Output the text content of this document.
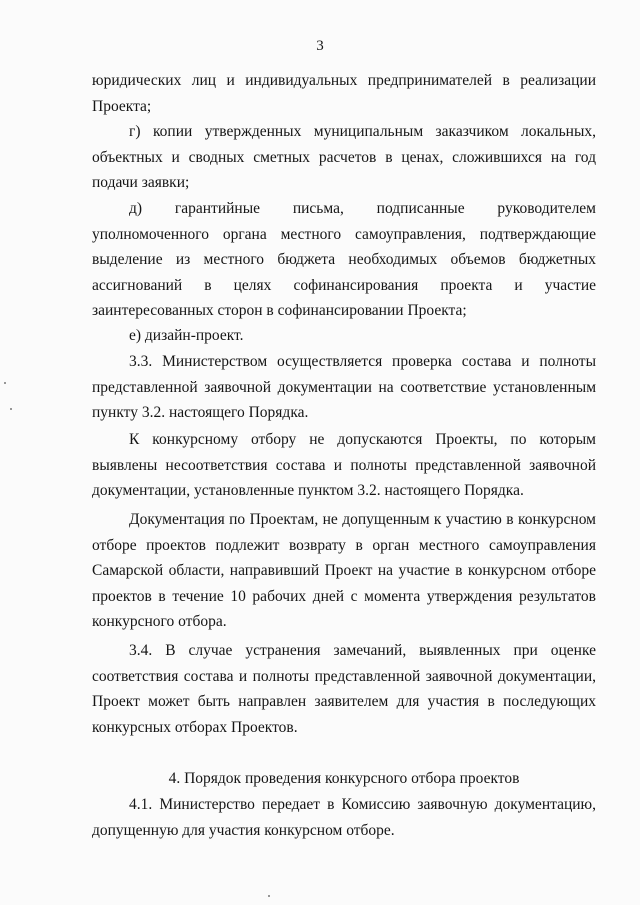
3
юридических лиц и индивидуальных предпринимателей в реализации Проекта;
г) копии утвержденных муниципальным заказчиком локальных, объектных и сводных сметных расчетов в ценах, сложившихся на год подачи заявки;
д) гарантийные письма, подписанные руководителем уполномоченного органа местного самоуправления, подтверждающие выделение из местного бюджета необходимых объемов бюджетных ассигнований в целях софинансирования проекта и участие заинтересованных сторон в софинансировании Проекта;
е) дизайн-проект.
3.3. Министерством осуществляется проверка состава и полноты представленной заявочной документации на соответствие установленным пункту 3.2. настоящего Порядка.
К конкурсному отбору не допускаются Проекты, по которым выявлены несоответствия состава и полноты представленной заявочной документации, установленные пунктом 3.2. настоящего Порядка.
Документация по Проектам, не допущенным к участию в конкурсном отборе проектов подлежит возврату в орган местного самоуправления Самарской области, направивший Проект на участие в конкурсном отборе проектов в течение 10 рабочих дней с момента утверждения результатов конкурсного отбора.
3.4. В случае устранения замечаний, выявленных при оценке соответствия состава и полноты представленной заявочной документации, Проект может быть направлен заявителем для участия в последующих конкурсных отборах Проектов.
4. Порядок проведения конкурсного отбора проектов
4.1. Министерство передает в Комиссию заявочную документацию, допущенную для участия конкурсном отборе.
